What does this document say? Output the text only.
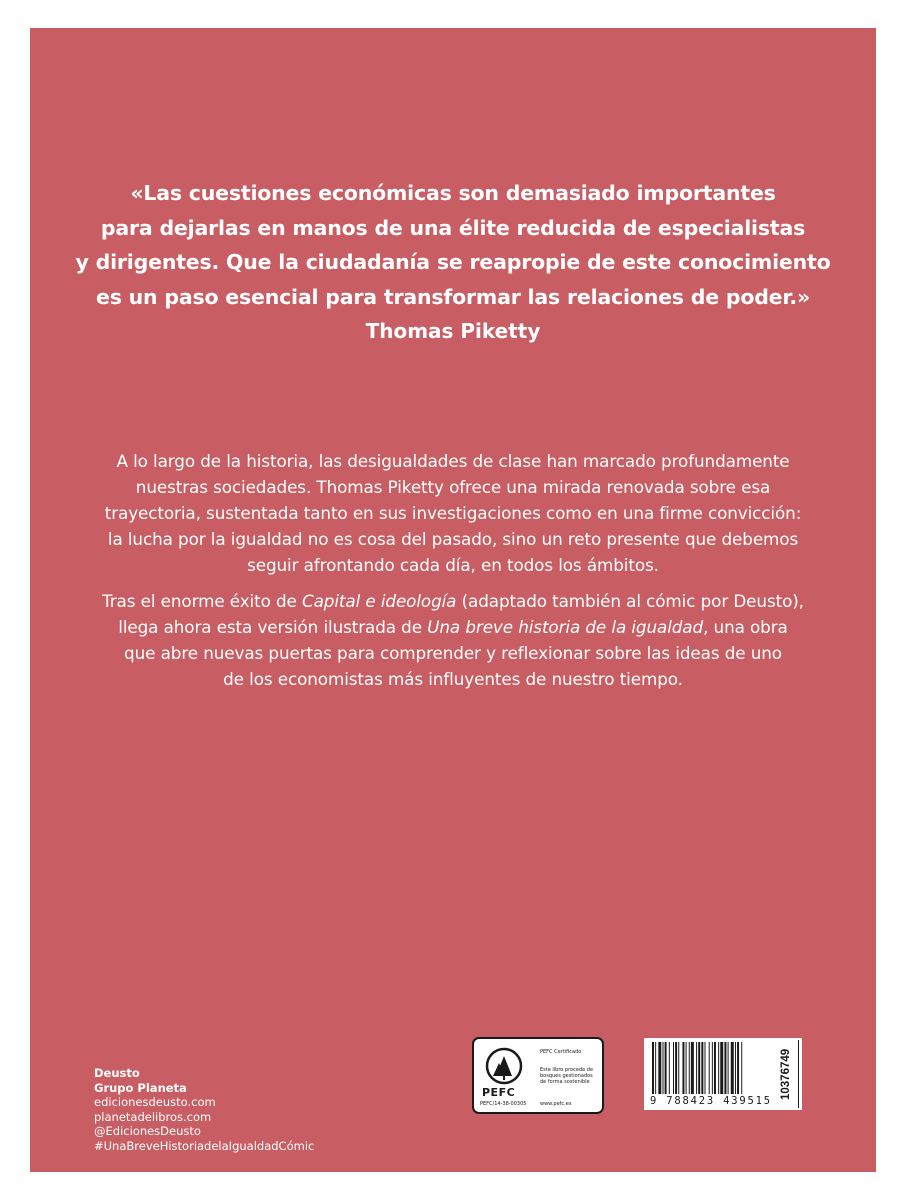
«Las cuestiones económicas son demasiado importantes
para dejarlas en manos de una élite reducida de especialistas
y dirigentes. Que la ciudadanía se reapropie de este conocimiento
es un paso esencial para transformar las relaciones de poder.»
Thomas Piketty
A lo largo de la historia, las desigualdades de clase han marcado profundamente
nuestras sociedades. Thomas Piketty ofrece una mirada renovada sobre esa
trayectoria, sustentada tanto en sus investigaciones como en una firme convicción:
la lucha por la igualdad no es cosa del pasado, sino un reto presente que debemos
seguir afrontando cada día, en todos los ámbitos.
Tras el enorme éxito de Capital e ideología (adaptado también al cómic por Deusto),
llega ahora esta versión ilustrada de Una breve historia de la igualdad, una obra
que abre nuevas puertas para comprender y reflexionar sobre las ideas de uno
de los economistas más influyentes de nuestro tiempo.
Deusto
Grupo Planeta
edicionesdeusto.com
planetadelibros.com
@EdicionesDeusto
#UnaBreveHistoriadelaIgualdadCómic
PEFC
PEFC Certificado
Este libro procede de bosques gestionados de forma sostenible
PEFC/14-38-00305	www.pefc.es	9 788423 439515
10376749
